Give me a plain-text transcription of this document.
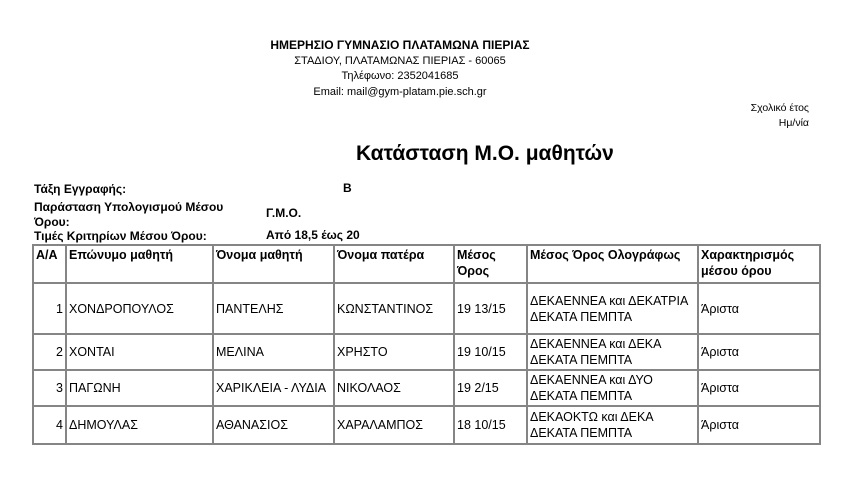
ΗΜΕΡΗΣΙΟ ΓΥΜΝΑΣΙΟ ΠΛΑΤΑΜΩΝΑ ΠΙΕΡΙΑΣ
ΣΤΑΔΙΟΥ, ΠΛΑΤΑΜΩΝΑΣ ΠΙΕΡΙΑΣ - 60065
Τηλέφωνο: 2352041685
Email: mail@gym-platam.pie.sch.gr
Σχολικό έτος
Ημ/νία
Κατάσταση Μ.Ο. μαθητών
Τάξη Εγγραφής:	Β
Παράσταση Υπολογισμού Μέσου
Όρου:
Γ.Μ.Ο.
Τιμές Κριτηρίων Μέσου Όρου:	Από 18,5 έως 20
Α/Α	Επώνυμο μαθητή	Όνομα μαθητή	Όνομα πατέρα	Μέσος Όρος	Μέσος Όρος Ολογράφως	Χαρακτηρισμός μέσου όρου
1	ΧΟΝΔΡΟΠΟΥΛΟΣ	ΠΑΝΤΕΛΗΣ	ΚΩΝΣΤΑΝΤΙΝΟΣ	19 13/15	ΔΕΚΑΕΝΝΕΑ και ΔΕΚΑΤΡΙΑ ΔΕΚΑΤΑ ΠΕΜΠΤΑ	Άριστα
2	ΧΟΝΤΑΙ	ΜΕΛΙΝΑ	ΧΡΗΣΤΟ	19 10/15	ΔΕΚΑΕΝΝΕΑ και ΔΕΚΑ ΔΕΚΑΤΑ ΠΕΜΠΤΑ	Άριστα
3	ΠΑΓΩΝΗ	ΧΑΡΙΚΛΕΙΑ - ΛΥΔΙΑ	ΝΙΚΟΛΑΟΣ	19 2/15	ΔΕΚΑΕΝΝΕΑ και ΔΥΟ ΔΕΚΑΤΑ ΠΕΜΠΤΑ	Άριστα
4	ΔΗΜΟΥΛΑΣ	ΑΘΑΝΑΣΙΟΣ	ΧΑΡΑΛΑΜΠΟΣ	18 10/15	ΔΕΚΑΟΚΤΩ και ΔΕΚΑ ΔΕΚΑΤΑ ΠΕΜΠΤΑ	Άριστα
